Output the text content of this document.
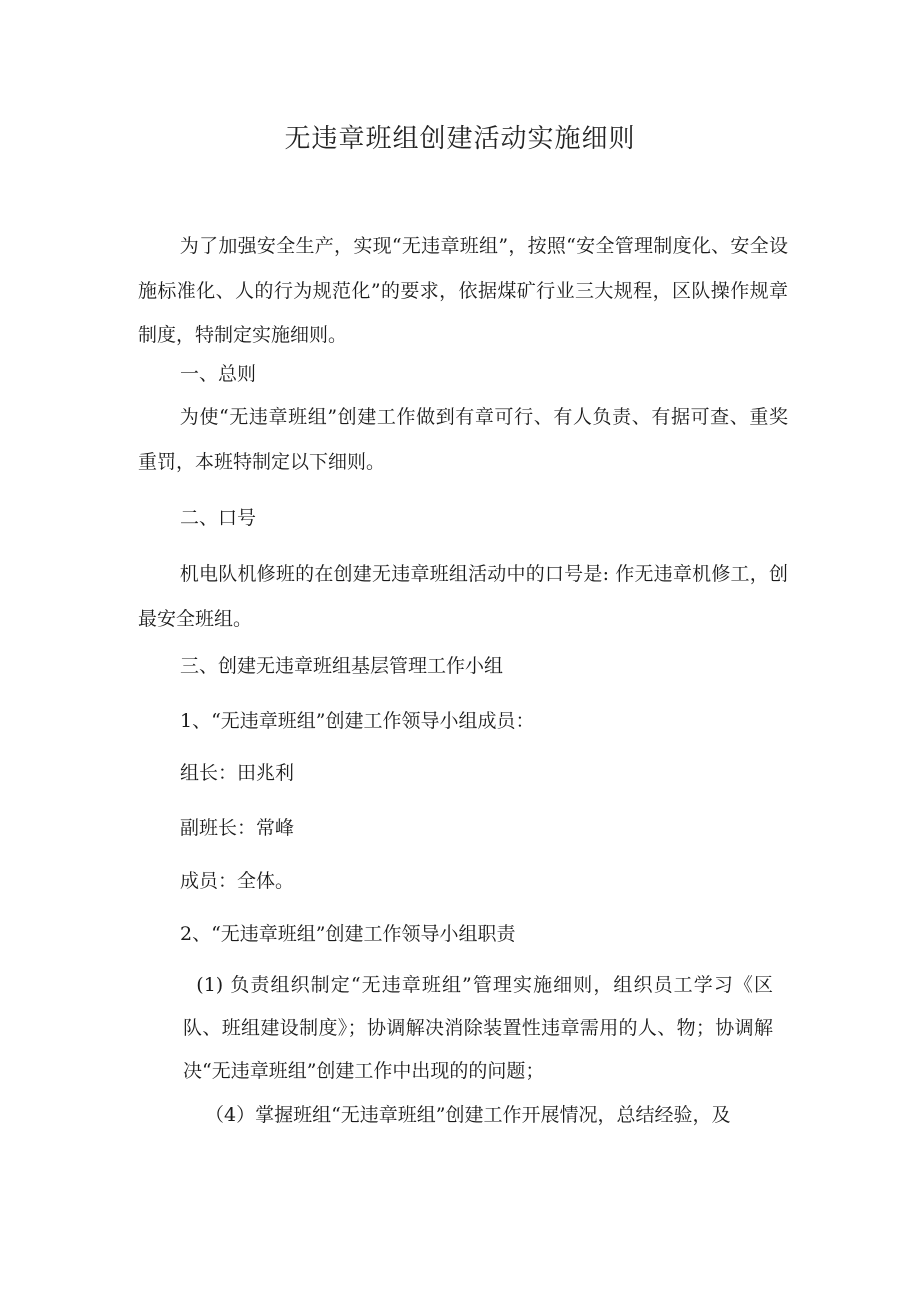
无违章班组创建活动实施细则
为了加强安全生产，实现“无违章班组”，按照“安全管理制度化、安全设施标准化、人的行为规范化”的要求，依据煤矿行业三大规程，区队操作规章制度，特制定实施细则。
一、总则
为使“无违章班组”创建工作做到有章可行、有人负责、有据可查、重奖重罚，本班特制定以下细则。
二、口号
机电队机修班的在创建无违章班组活动中的口号是: 作无违章机修工，创最安全班组。
三、创建无违章班组基层管理工作小组
1、“无违章班组”创建工作领导小组成员：
组长：田兆利
副班长：常峰
成员：全体。
2、“无违章班组”创建工作领导小组职责
(1) 负责组织制定“无违章班组”管理实施细则，组织员工学习《区队、班组建设制度》；协调解决消除装置性违章需用的人、物；协调解决“无违章班组”创建工作中出现的的问题；
（4）掌握班组“无违章班组”创建工作开展情况，总结经验，及
